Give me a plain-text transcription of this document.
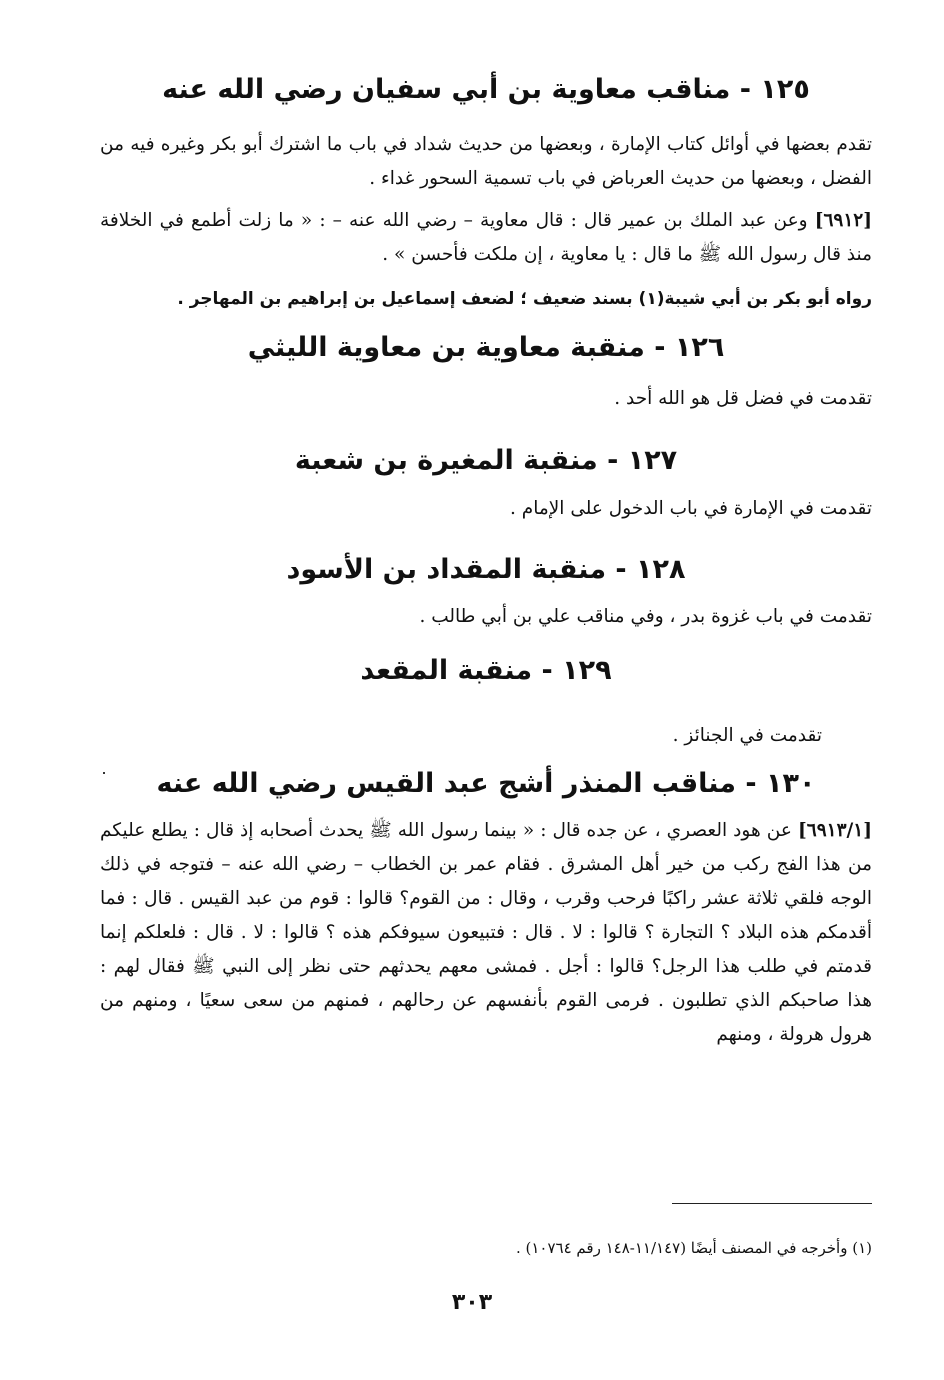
١٢٥ - مناقب معاوية بن أبي سفيان رضي الله عنه

تقدم بعضها في أوائل كتاب الإمارة ، وبعضها من حديث شداد في باب ما اشترك أبو بكر وغيره فيه من الفضل ، وبعضها من حديث العرباض في باب تسمية السحور غداء .

[٦٩١٢] وعن عبد الملك بن عمير قال : قال معاوية – رضي الله عنه – : « ما زلت أطمع في الخلافة منذ قال رسول الله ﷺ ما قال : يا معاوية ، إن ملكت فأحسن » .

رواه أبو بكر بن أبي شيبة(١) بسند ضعيف ؛ لضعف إسماعيل بن إبراهيم بن المهاجر .

١٢٦ - منقبة معاوية بن معاوية الليثي

تقدمت في فضل قل هو الله أحد .

١٢٧ - منقبة المغيرة بن شعبة

تقدمت في الإمارة في باب الدخول على الإمام .

١٢٨ - منقبة المقداد بن الأسود

تقدمت في باب غزوة بدر ، وفي مناقب علي بن أبي طالب .

١٢٩ - منقبة المقعد

تقدمت في الجنائز .

١٣٠ - مناقب المنذر أشج عبد القيس رضي الله عنه

[٦٩١٣/١] عن هود العصري ، عن جده قال : « بينما رسول الله ﷺ يحدث أصحابه إذ قال : يطلع عليكم من هذا الفج ركب من خير أهل المشرق . فقام عمر بن الخطاب – رضي الله عنه – فتوجه في ذلك الوجه فلقي ثلاثة عشر راكبًا فرحب وقرب ، وقال : من القوم؟ قالوا : قوم من عبد القيس . قال : فما أقدمكم هذه البلاد ؟ التجارة ؟ قالوا : لا . قال : فتبيعون سيوفكم هذه ؟ قالوا : لا . قال : فلعلكم إنما قدمتم في طلب هذا الرجل؟ قالوا : أجل . فمشى معهم يحدثهم حتى نظر إلى النبي ﷺ فقال لهم : هذا صاحبكم الذي تطلبون . فرمى القوم بأنفسهم عن رحالهم ، فمنهم من سعى سعيًا ، ومنهم من هرول هرولة ، ومنهم

(١) وأخرجه في المصنف أيضًا (١١/١٤٧-١٤٨ رقم ١٠٧٦٤) .

٣٠٣
